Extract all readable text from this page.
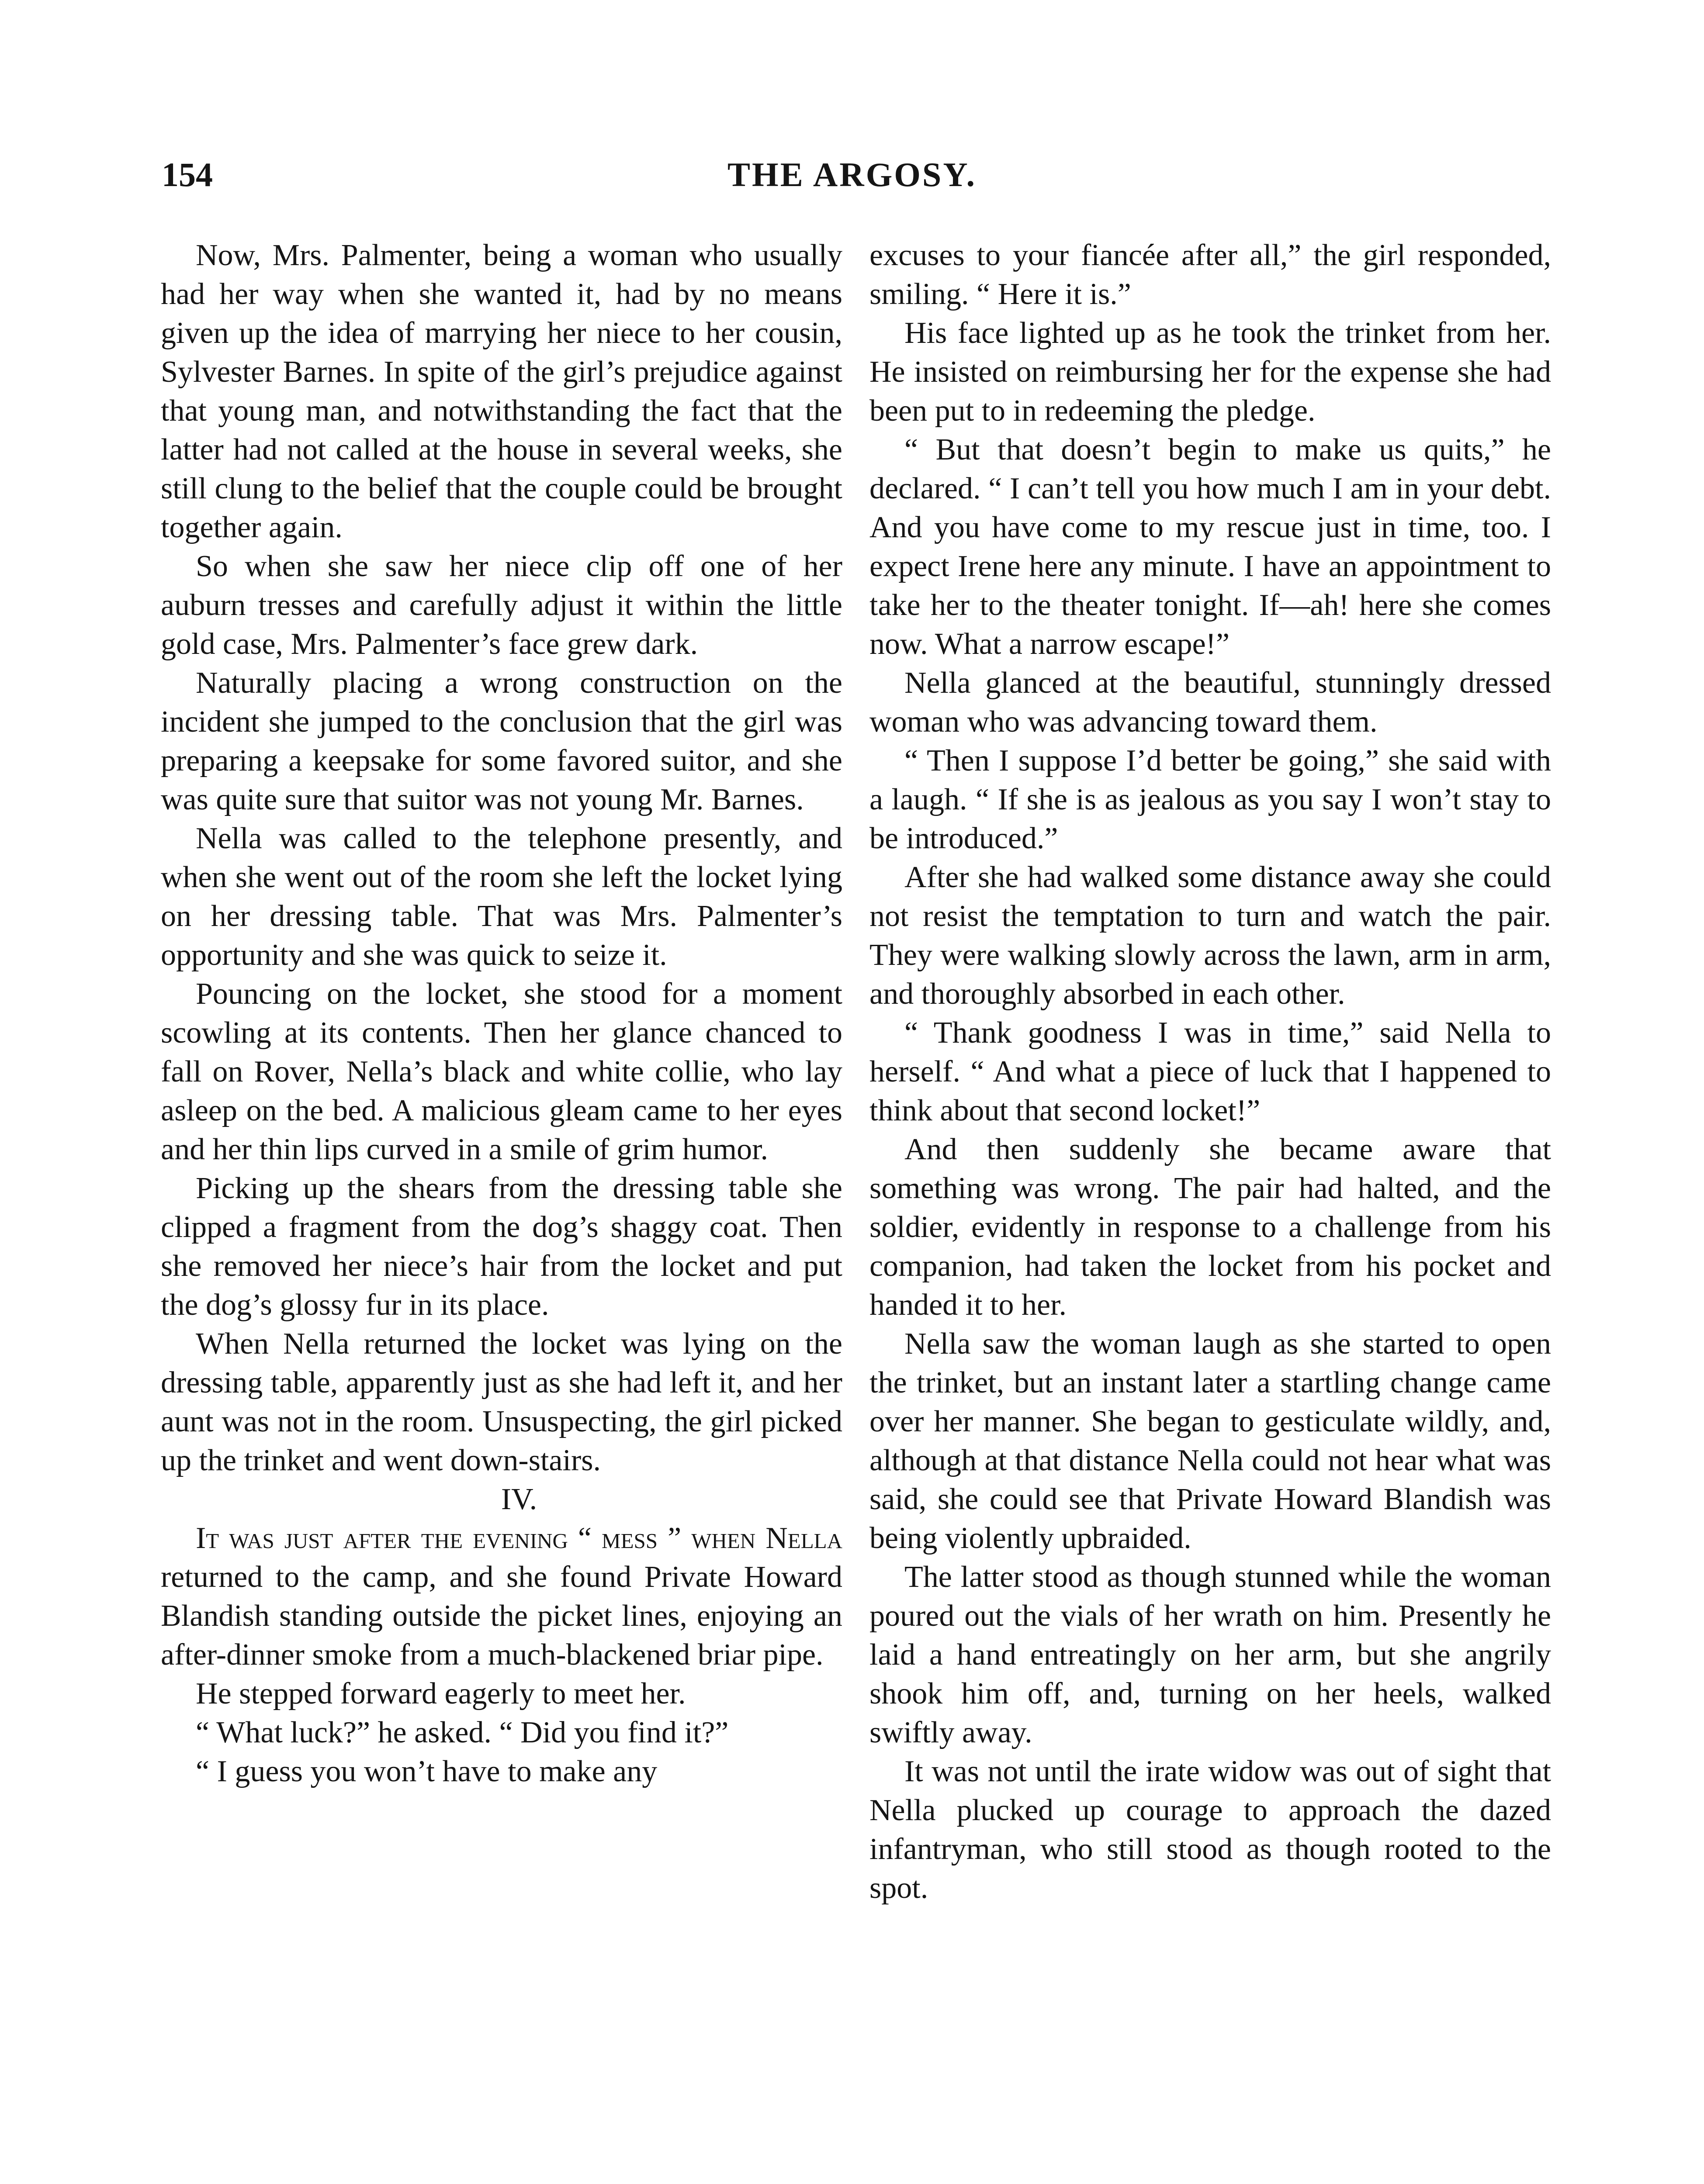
154	THE ARGOSY.

Now, Mrs. Palmenter, being a woman who usually had her way when she wanted it, had by no means given up the idea of marrying her niece to her cousin, Sylvester Barnes. In spite of the girl’s prejudice against that young man, and notwithstanding the fact that the latter had not called at the house in several weeks, she still clung to the belief that the couple could be brought together again.

So when she saw her niece clip off one of her auburn tresses and carefully adjust it within the little gold case, Mrs. Palmenter’s face grew dark.

Naturally placing a wrong construction on the incident she jumped to the conclusion that the girl was preparing a keepsake for some favored suitor, and she was quite sure that suitor was not young Mr. Barnes.

Nella was called to the telephone presently, and when she went out of the room she left the locket lying on her dressing table. That was Mrs. Palmenter’s opportunity and she was quick to seize it.

Pouncing on the locket, she stood for a moment scowling at its contents. Then her glance chanced to fall on Rover, Nella’s black and white collie, who lay asleep on the bed. A malicious gleam came to her eyes and her thin lips curved in a smile of grim humor.

Picking up the shears from the dressing table she clipped a fragment from the dog’s shaggy coat. Then she removed her niece’s hair from the locket and put the dog’s glossy fur in its place.

When Nella returned the locket was lying on the dressing table, apparently just as she had left it, and her aunt was not in the room. Unsuspecting, the girl picked up the trinket and went down-stairs.

IV.

It was just after the evening “ mess ” when Nella returned to the camp, and she found Private Howard Blandish standing outside the picket lines, enjoying an after-dinner smoke from a much-blackened briar pipe.

He stepped forward eagerly to meet her.

“ What luck?” he asked. “ Did you find it?”

“ I guess you won’t have to make any

excuses to your fiancée after all,” the girl responded, smiling. “ Here it is.”

His face lighted up as he took the trinket from her. He insisted on reimbursing her for the expense she had been put to in redeeming the pledge.

“ But that doesn’t begin to make us quits,” he declared. “ I can’t tell you how much I am in your debt. And you have come to my rescue just in time, too. I expect Irene here any minute. I have an appointment to take her to the theater tonight. If—ah! here she comes now. What a narrow escape!”

Nella glanced at the beautiful, stunningly dressed woman who was advancing toward them.

“ Then I suppose I’d better be going,” she said with a laugh. “ If she is as jealous as you say I won’t stay to be introduced.”

After she had walked some distance away she could not resist the temptation to turn and watch the pair. They were walking slowly across the lawn, arm in arm, and thoroughly absorbed in each other.

“ Thank goodness I was in time,” said Nella to herself. “ And what a piece of luck that I happened to think about that second locket!”

And then suddenly she became aware that something was wrong. The pair had halted, and the soldier, evidently in response to a challenge from his companion, had taken the locket from his pocket and handed it to her.

Nella saw the woman laugh as she started to open the trinket, but an instant later a startling change came over her manner. She began to gesticulate wildly, and, although at that distance Nella could not hear what was said, she could see that Private Howard Blandish was being violently upbraided.

The latter stood as though stunned while the woman poured out the vials of her wrath on him. Presently he laid a hand entreatingly on her arm, but she angrily shook him off, and, turning on her heels, walked swiftly away.

It was not until the irate widow was out of sight that Nella plucked up courage to approach the dazed infantryman, who still stood as though rooted to the spot.
